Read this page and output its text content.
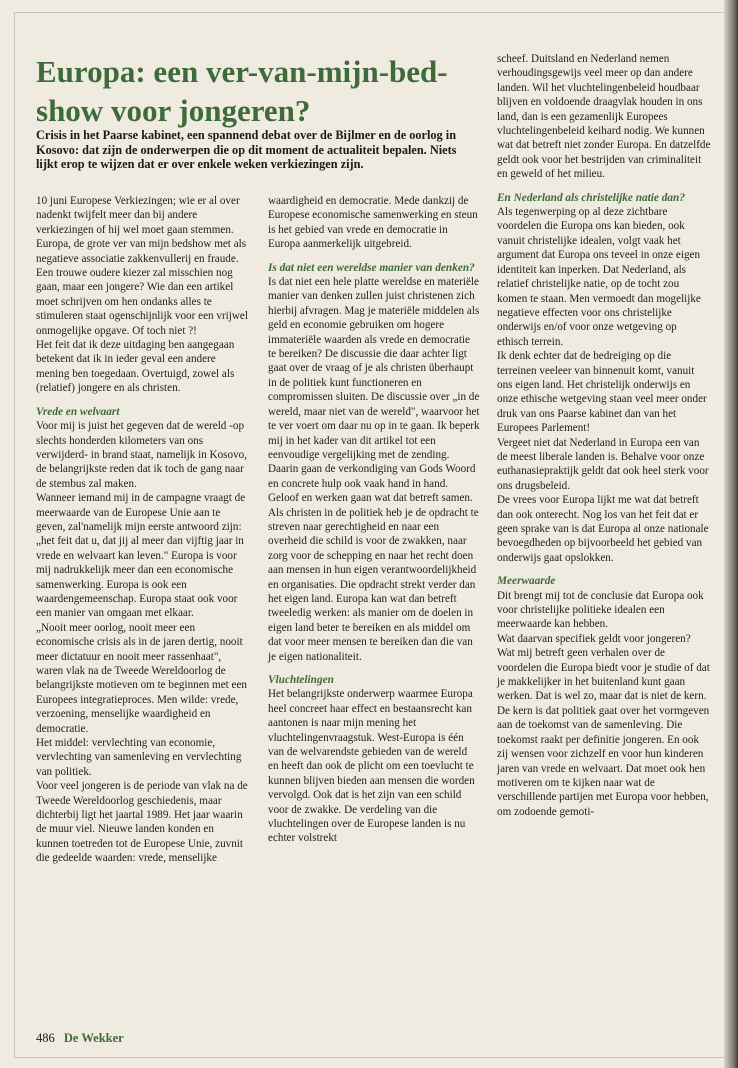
Europa: een ver-van-mijn-bed-show voor jongeren?

Crisis in het Paarse kabinet, een spannend debat over de Bijlmer en de oorlog in Kosovo: dat zijn de onderwerpen die op dit moment de actualiteit bepalen. Niets lijkt erop te wijzen dat er over enkele weken verkiezingen zijn.

10 juni Europese Verkiezingen; wie er al over nadenkt twijfelt meer dan bij andere verkiezingen of hij wel moet gaan stemmen. Europa, de grote ver van mijn bedshow met als negatieve associatie zakkenvullerij en fraude.

Een trouwe oudere kiezer zal misschien nog gaan, maar een jongere? Wie dan een artikel moet schrijven om hen ondanks alles te stimuleren staat ogenschijnlijk voor een vrijwel onmogelijke opgave. Of toch niet ?!

Het feit dat ik deze uitdaging ben aangegaan betekent dat ik in ieder geval een andere mening ben toegedaan. Overtuigd, zowel als (relatief) jongere en als christen.

Vrede en welvaart

Voor mij is juist het gegeven dat de wereld -op slechts honderden kilometers van ons verwijderd- in brand staat, namelijk in Kosovo, de belangrijkste reden dat ik toch de gang naar de stembus zal maken.

Wanneer iemand mij in de campagne vraagt de meerwaarde van de Europese Unie aan te geven, zal'namelijk mijn eerste antwoord zijn: „het feit dat u, dat jij al meer dan vijftig jaar in vrede en welvaart kan leven." Europa is voor mij nadrukkelijk meer dan een economische samenwerking. Europa is ook een waardengemeenschap. Europa staat ook voor een manier van omgaan met elkaar.

„Nooit meer oorlog, nooit meer een economische crisis als in de jaren dertig, nooit meer dictatuur en nooit meer rassenhaat", waren vlak na de Tweede Wereldoorlog de belangrijkste motieven om te beginnen met een Europees integratieproces. Men wilde: vrede, verzoening, menselijke waardigheid en democratie.

Het middel: vervlechting van economie, vervlechting van samenleving en vervlechting van politiek.

Voor veel jongeren is de periode van vlak na de Tweede Wereldoorlog geschiedenis, maar dichterbij ligt het jaartal 1989. Het jaar waarin de muur viel. Nieuwe landen konden en kunnen toetreden tot de Europese Unie, zuvnit die gedeelde waarden: vrede, menselijke

waardigheid en democratie. Mede dankzij de Europese economische samenwerking en steun is het gebied van vrede en democratie in Europa aanmerkelijk uitgebreid.

Is dat niet een wereldse manier van denken?

Is dat niet een hele platte wereldse en materiële manier van denken zullen juist christenen zich hierbij afvragen. Mag je materiële middelen als geld en economie gebruiken om hogere immateriële waarden als vrede en democratie te bereiken? De discussie die daar achter ligt gaat over de vraag of je als christen überhaupt in de politiek kunt functioneren en compromissen sluiten. De discussie over „in de wereld, maar niet van de wereld", waarvoor het te ver voert om daar nu op in te gaan. Ik beperk mij in het kader van dit artikel tot een eenvoudige vergelijking met de zending. Daarin gaan de verkondiging van Gods Woord en concrete hulp ook vaak hand in hand. Geloof en werken gaan wat dat betreft samen.

Als christen in de politiek heb je de opdracht te streven naar gerechtigheid en naar een overheid die schild is voor de zwakken, naar zorg voor de schepping en naar het recht doen aan mensen in hun eigen verantwoordelijkheid en organisaties. Die opdracht strekt verder dan het eigen land. Europa kan wat dan betreft tweeledig werken: als manier om de doelen in eigen land beter te bereiken en als middel om dat voor meer mensen te bereiken dan die van je eigen nationaliteit.

Vluchtelingen

Het belangrijkste onderwerp waarmee Europa heel concreet haar effect en bestaansrecht kan aantonen is naar mijn mening het vluchtelingenvraagstuk. West-Europa is één van de welvarendste gebieden van de wereld en heeft dan ook de plicht om een toevlucht te kunnen blijven bieden aan mensen die worden vervolgd. Ook dat is het zijn van een schild voor de zwakke. De verdeling van die vluchtelingen over de Europese landen is nu echter volstrekt

scheef. Duitsland en Nederland nemen verhoudingsgewijs veel meer op dan andere landen. Wil het vluchtelingenbeleid houdbaar blijven en voldoende draagvlak houden in ons land, dan is een gezamenlijk Europees vluchtelingenbeleid keihard nodig. We kunnen wat dat betreft niet zonder Europa. En datzelfde geldt ook voor het bestrijden van criminaliteit en geweld of het milieu.

En Nederland als christelijke natie dan?

Als tegenwerping op al deze zichtbare voordelen die Europa ons kan bieden, ook vanuit christelijke idealen, volgt vaak het argument dat Europa ons teveel in onze eigen identiteit kan inperken. Dat Nederland, als relatief christelijke natie, op de tocht zou komen te staan. Men vermoedt dan mogelijke negatieve effecten voor ons christelijke onderwijs en/of voor onze wetgeving op ethisch terrein.

Ik denk echter dat de bedreiging op die terreinen veeleer van binnenuit komt, vanuit ons eigen land. Het christelijk onderwijs en onze ethische wetgeving staan veel meer onder druk van ons Paarse kabinet dan van het Europees Parlement!

Vergeet niet dat Nederland in Europa een van de meest liberale landen is. Behalve voor onze euthanasiepraktijk geldt dat ook heel sterk voor ons drugsbeleid.

De vrees voor Europa lijkt me wat dat betreft dan ook onterecht. Nog los van het feit dat er geen sprake van is dat Europa al onze nationale bevoegdheden op bijvoorbeeld het gebied van onderwijs gaat opslokken.

Meerwaarde

Dit brengt mij tot de conclusie dat Europa ook voor christelijke politieke idealen een meerwaarde kan hebben.

Wat daarvan specifiek geldt voor jongeren?

Wat mij betreft geen verhalen over de voordelen die Europa biedt voor je studie of dat je makkelijker in het buitenland kunt gaan werken. Dat is wel zo, maar dat is niet de kern.

De kern is dat politiek gaat over het vormgeven aan de toekomst van de samenleving. Die toekomst raakt per definitie jongeren. En ook zij wensen voor zichzelf en voor hun kinderen jaren van vrede en welvaart. Dat moet ook hen motiveren om te kijken naar wat de verschillende partijen met Europa voor hebben, om zodoende gemoti-

486 De Wekker
